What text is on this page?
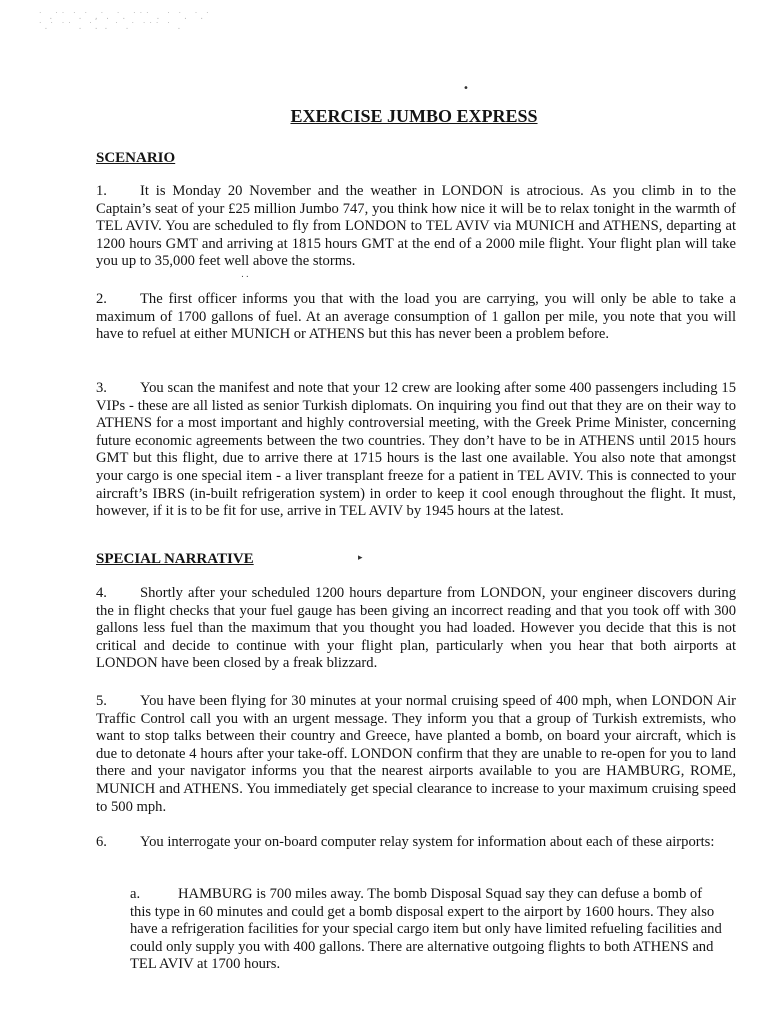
˙ .˙˙ ˙.˙ ,˙. ˙. ˙˙˙ . ˙ ˙. ˙.˙
˙.˙ ˙˙ . ˙. . ˙ .˙ ˙˙˙ ˙ .
•
..
▸
EXERCISE JUMBO EXPRESS
SCENARIO

1. It is Monday 20 November and the weather in LONDON is atrocious. As you climb in to the Captain’s seat of your £25 million Jumbo 747, you think how nice it will be to relax tonight in the warmth of TEL AVIV. You are scheduled to fly from LONDON to TEL AVIV via MUNICH and ATHENS, departing at 1200 hours GMT and arriving at 1815 hours GMT at the end of a 2000 mile flight. Your flight plan will take you up to 35,000 feet well above the storms.

2. The first officer informs you that with the load you are carrying, you will only be able to take a maximum of 1700 gallons of fuel. At an average consumption of 1 gallon per mile, you note that you will have to refuel at either MUNICH or ATHENS but this has never been a problem before.

3. You scan the manifest and note that your 12 crew are looking after some 400 passengers including 15 VIPs - these are all listed as senior Turkish diplomats. On inquiring you find out that they are on their way to ATHENS for a most important and highly controversial meeting, with the Greek Prime Minister, concerning future economic agreements between the two countries. They don’t have to be in ATHENS until 2015 hours GMT but this flight, due to arrive there at 1715 hours is the last one available. You also note that amongst your cargo is one special item - a liver transplant freeze for a patient in TEL AVIV. This is connected to your aircraft’s IBRS (in-built refrigeration system) in order to keep it cool enough throughout the flight. It must, however, if it is to be fit for use, arrive in TEL AVIV by 1945 hours at the latest.

SPECIAL NARRATIVE

4. Shortly after your scheduled 1200 hours departure from LONDON, your engineer discovers during the in flight checks that your fuel gauge has been giving an incorrect reading and that you took off with 300 gallons less fuel than the maximum that you thought you had loaded. However you decide that this is not critical and decide to continue with your flight plan, particularly when you hear that both airports at LONDON have been closed by a freak blizzard.

5. You have been flying for 30 minutes at your normal cruising speed of 400 mph, when LONDON Air Traffic Control call you with an urgent message. They inform you that a group of Turkish extremists, who want to stop talks between their country and Greece, have planted a bomb, on board your aircraft, which is due to detonate 4 hours after your take-off. LONDON confirm that they are unable to re-open for you to land there and your navigator informs you that the nearest airports available to you are HAMBURG, ROME, MUNICH and ATHENS. You immediately get special clearance to increase to your maximum cruising speed to 500 mph.

6. You interrogate your on-board computer relay system for information about each of these airports:

a.	HAMBURG is 700 miles away. The bomb Disposal Squad say they can defuse a bomb of this type in 60 minutes and could get a bomb disposal expert to the airport by 1600 hours. They also have a refrigeration facilities for your special cargo item but only have limited refueling facilities and could only supply you with 400 gallons. There are alternative outgoing flights to both ATHENS and TEL AVIV at 1700 hours.
